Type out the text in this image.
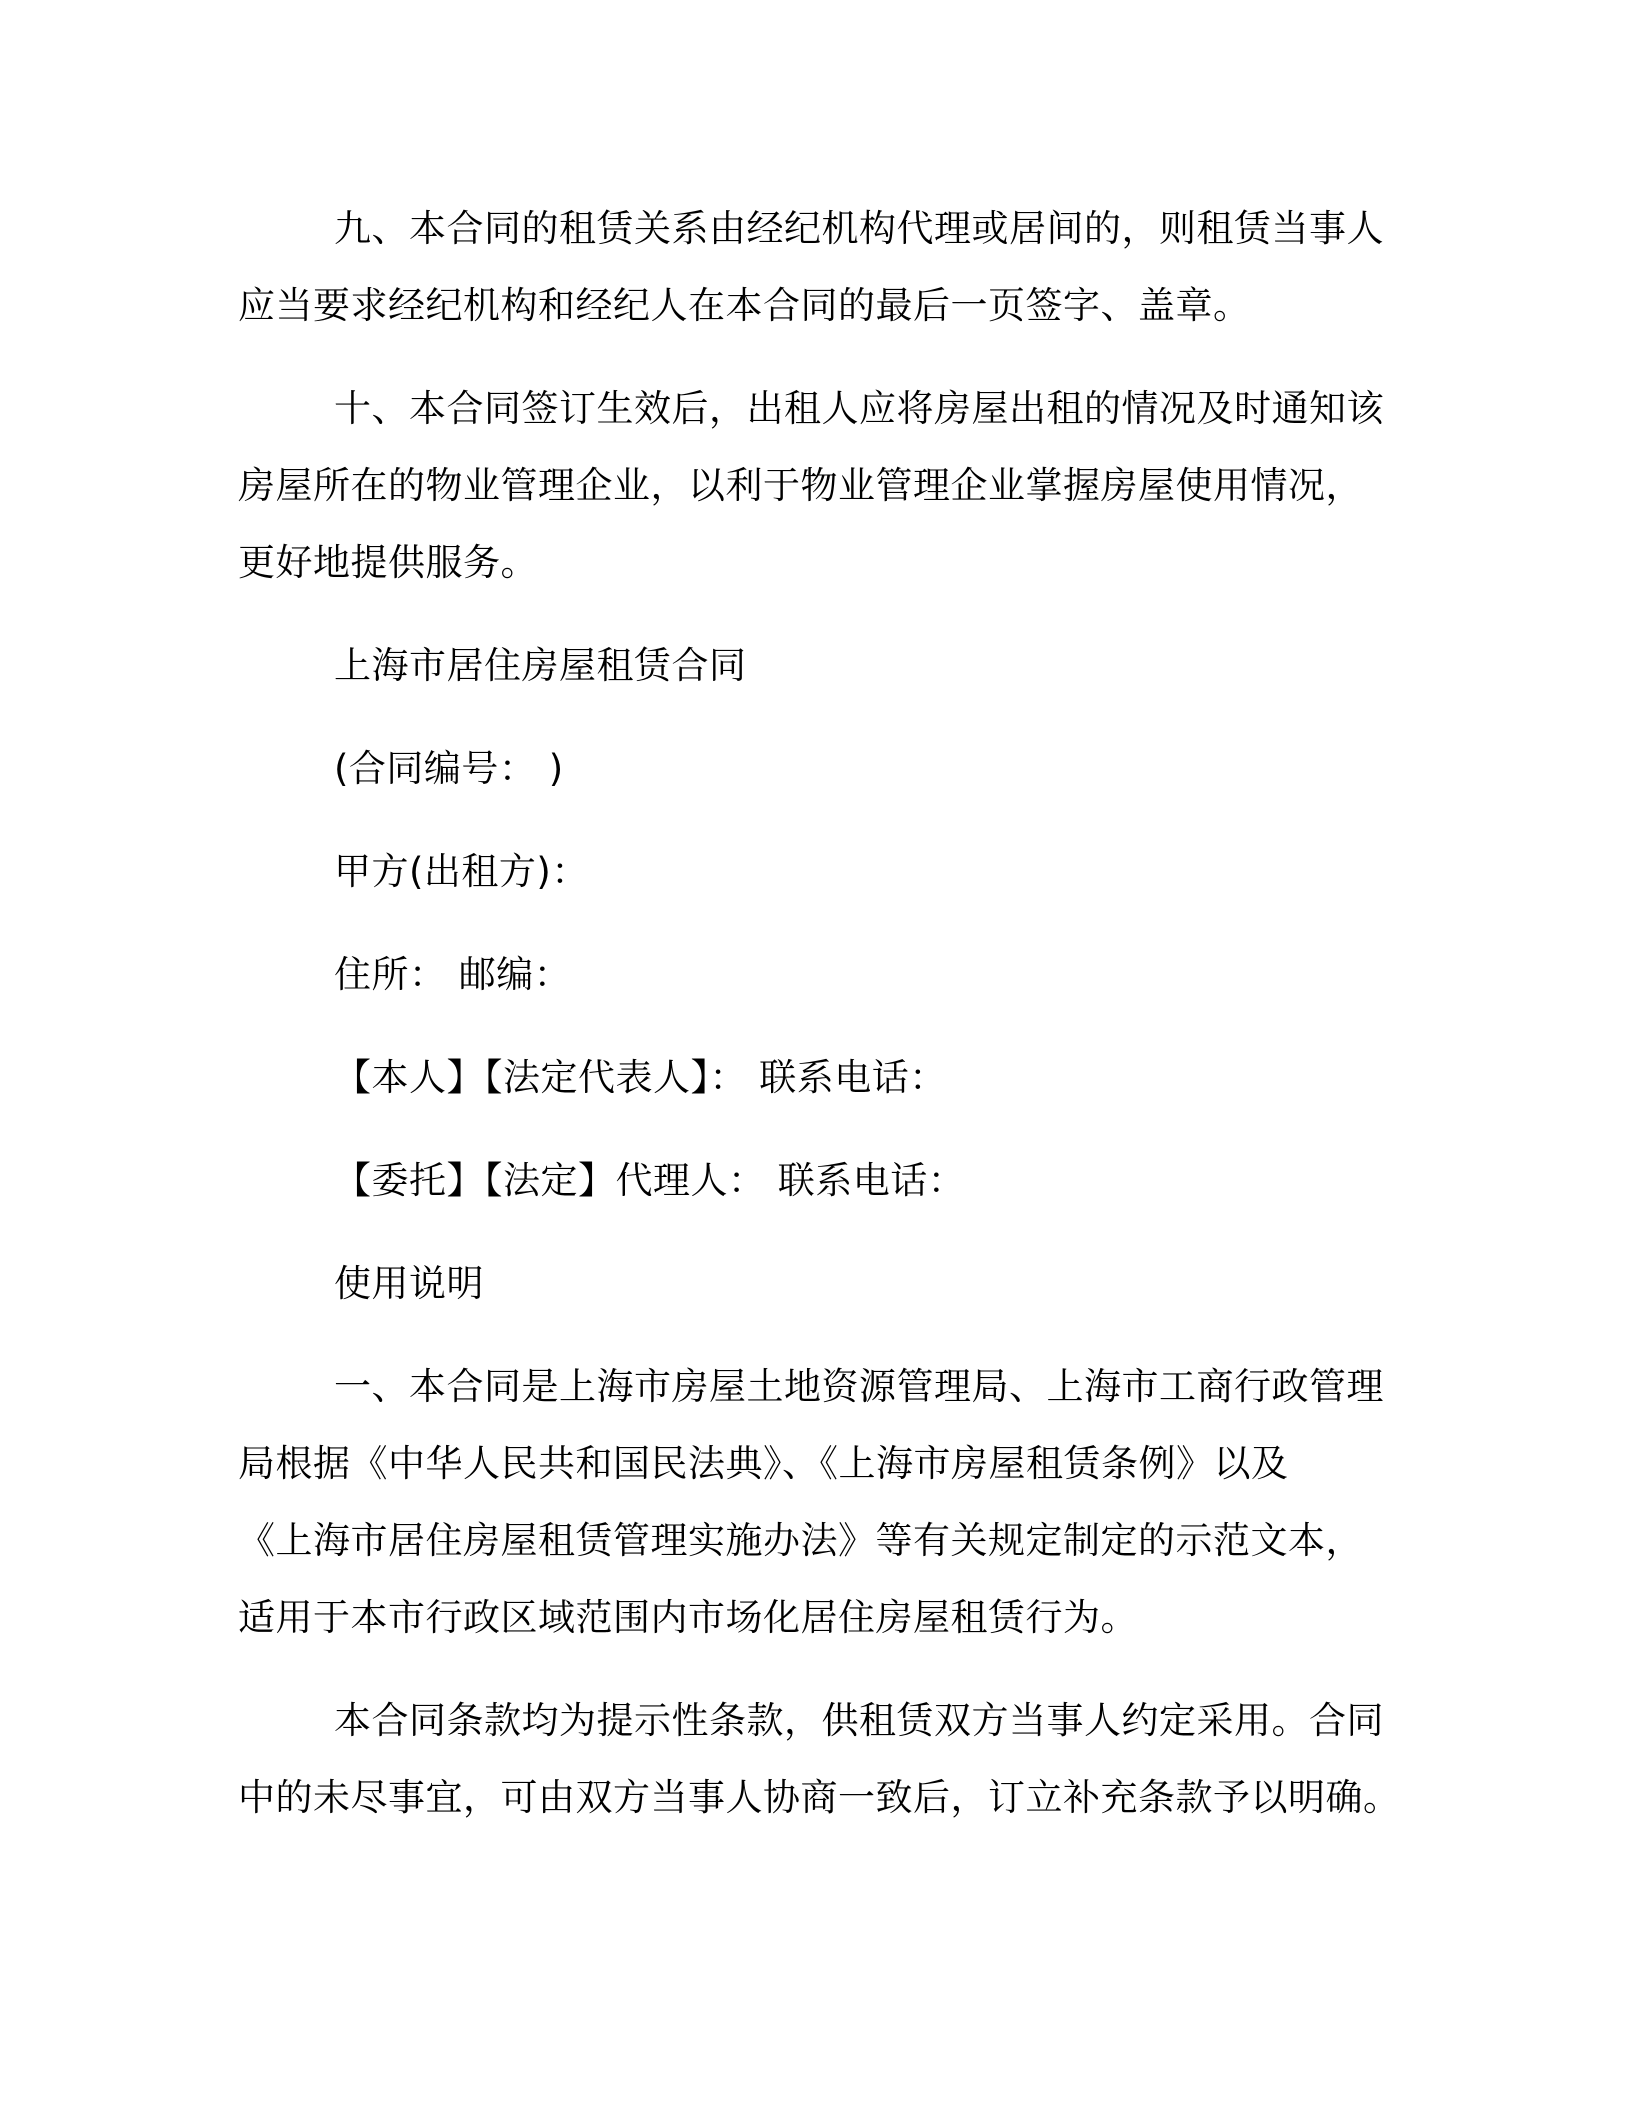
九、本合同的租赁关系由经纪机构代理或居间的，则租赁当事人
应当要求经纪机构和经纪人在本合同的最后一页签字、盖章。

十、本合同签订生效后，出租人应将房屋出租的情况及时通知该
房屋所在的物业管理企业，以利于物业管理企业掌握房屋使用情况，
更好地提供服务。

上海市居住房屋租赁合同

(合同编号： )

甲方(出租方)：

住所： 邮编：

【本人】【法定代表人】： 联系电话：

【委托】【法定】代理人： 联系电话：

使用说明

一、本合同是上海市房屋土地资源管理局、上海市工商行政管理
局根据《中华人民共和国民法典》、《上海市房屋租赁条例》以及
《上海市居住房屋租赁管理实施办法》等有关规定制定的示范文本，
适用于本市行政区域范围内市场化居住房屋租赁行为。

本合同条款均为提示性条款，供租赁双方当事人约定采用。合同
中的未尽事宜，可由双方当事人协商一致后，订立补充条款予以明确。
